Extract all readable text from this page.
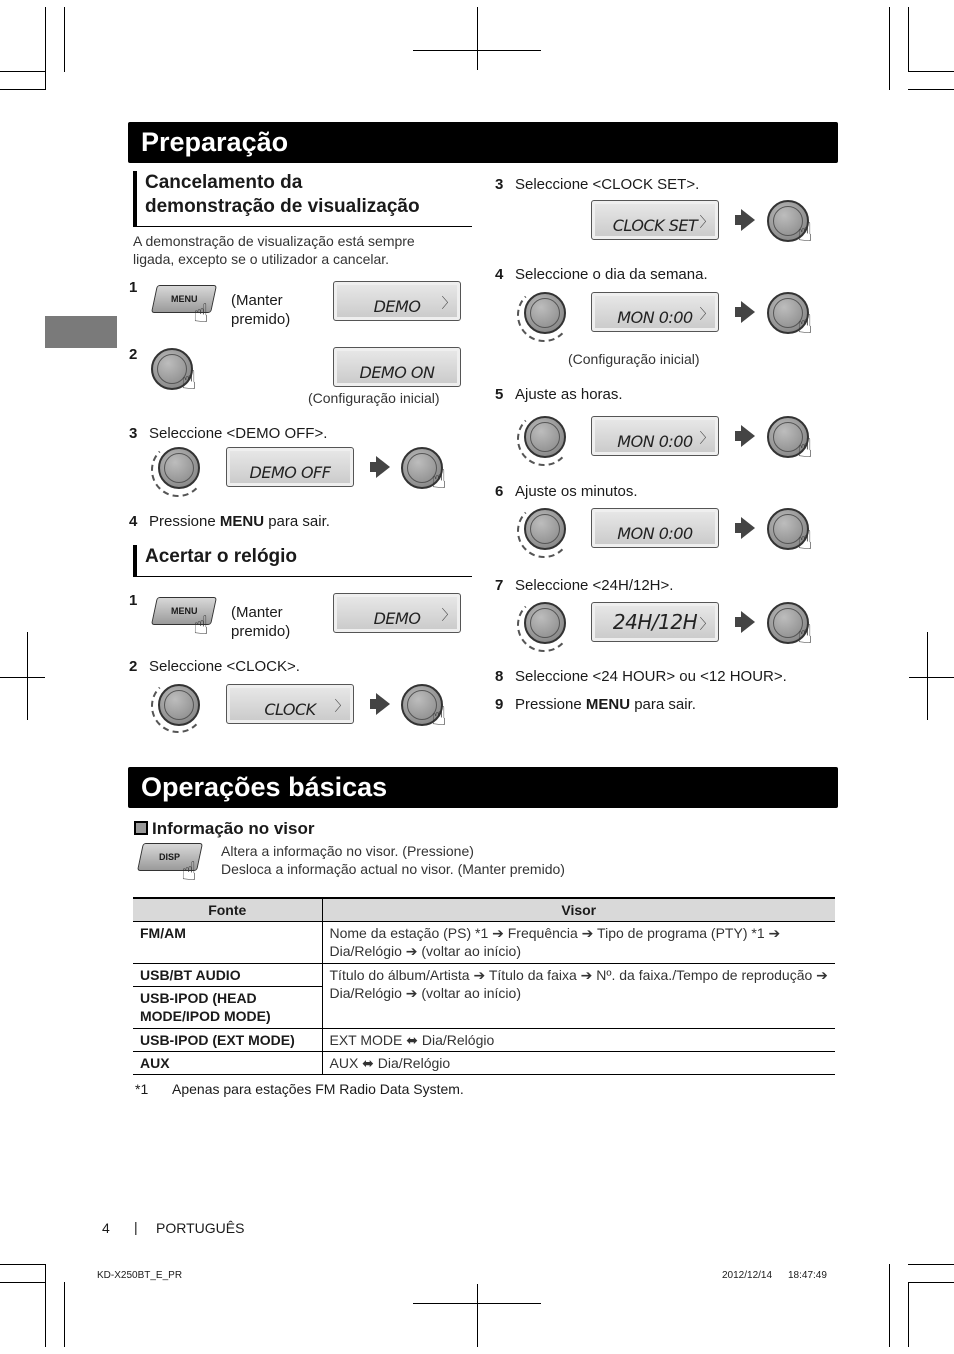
Preparação
Cancelamento da
demonstração de visualização
A demonstração de visualização está sempre
ligada, excepto se o utilizador a cancelar.
1
MENU
☝ (Manter
premido)
DEMO 〉
2
☝	DEMO ON
(Configuração inicial)
3 Seleccione <DEMO OFF>.
DEMO OFF	☝
4 Pressione MENU para sair.
Acertar o relógio
1
MENU
☝ (Manter
premido)
DEMO 〉
2 Seleccione <CLOCK>.
CLOCK 〉	☝
3 Seleccione <CLOCK SET>.
CLOCK SET 〉	☝
4 Seleccione o dia da semana.
MON 0:00 〉	☝
(Configuração inicial)
5 Ajuste as horas.
MON 0:00 〉	☝
6 Ajuste os minutos.
MON 0:00	☝
7 Seleccione <24H/12H>.
24H/12H 〉	☝
8 Seleccione <24 HOUR> ou <12 HOUR>.
9 Pressione MENU para sair.
Operações básicas
Informação no visor
DISP ☝
Altera a informação no visor. (Pressione)
Desloca a informação actual no visor. (Manter premido)
Fonte	Visor
FM/AM	Nome da estação (PS) *1 ➔ Frequência ➔ Tipo de programa (PTY) *1 ➔ Dia/Relógio ➔ (voltar ao início)
USB/BT AUDIO	Título do álbum/Artista ➔ Título da faixa ➔ Nº. da faixa./Tempo de reprodução ➔ Dia/Relógio ➔ (voltar ao início)
USB-IPOD (HEAD MODE/IPOD MODE)	
USB-IPOD (EXT MODE)	EXT MODE ⬌ Dia/Relógio
AUX	AUX ⬌ Dia/Relógio
*1 Apenas para estações FM Radio Data System.
4 | PORTUGUÊS
KD-X250BT_E_PR	2012/12/14 18:47:49
